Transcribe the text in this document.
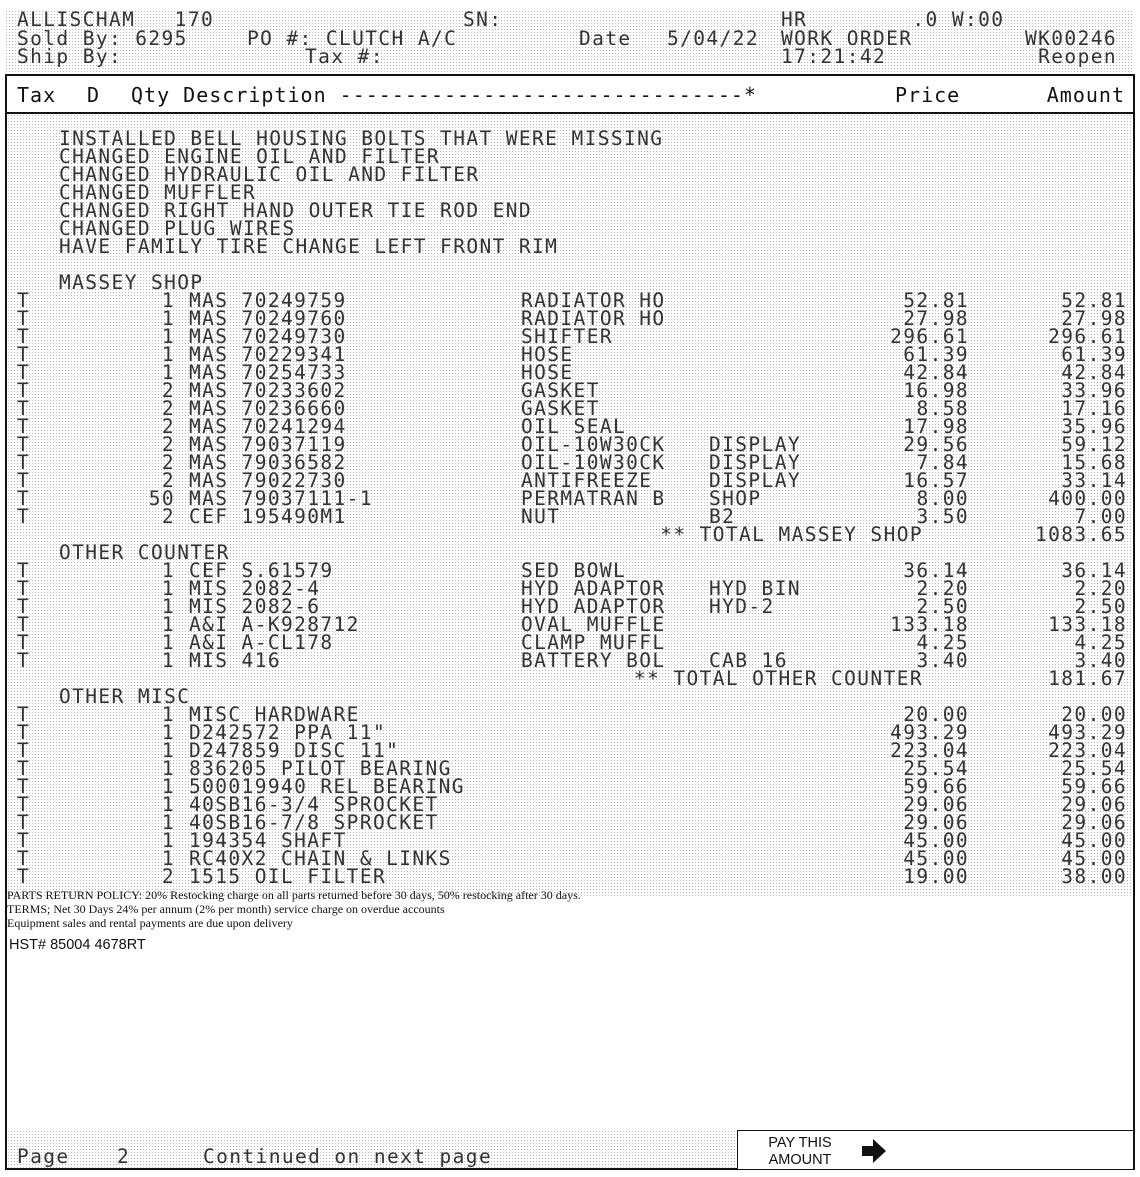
ALLISCHAM   170	SN:	HR        .0 W:00
Sold By: 6295	PO #: CLUTCH A/C	Date 5/04/22 WORK ORDER	WK00246
Ship By:	Tax #:	17:21:42	Reopen
Tax D Qty Description -------------------------------*	Price	Amount
INSTALLED BELL HOUSING BOLTS THAT WERE MISSING
CHANGED ENGINE OIL AND FILTER
CHANGED HYDRAULIC OIL AND FILTER
CHANGED MUFFLER
CHANGED RIGHT HAND OUTER TIE ROD END
CHANGED PLUG WIRES
HAVE FAMILY TIRE CHANGE LEFT FRONT RIM
MASSEY SHOP
T	1 MAS 70249759	RADIATOR HO	52.81	52.81
T	1 MAS 70249760	RADIATOR HO	27.98	27.98
T	1 MAS 70249730	SHIFTER	296.61	296.61
T	1 MAS 70229341	HOSE	61.39	61.39
T	1 MAS 70254733	HOSE	42.84	42.84
T	2 MAS 70233602	GASKET	16.98	33.96
T	2 MAS 70236660	GASKET	8.58	17.16
T	2 MAS 70241294	OIL SEAL	17.98	35.96
T	2 MAS 79037119	OIL-10W30CK DISPLAY	29.56	59.12
T	2 MAS 79036582	OIL-10W30CK DISPLAY	7.84	15.68
T	2 MAS 79022730	ANTIFREEZE	DISPLAY	16.57	33.14
T	50 MAS 79037111-1	PERMATRAN B SHOP	8.00	400.00
T	2 CEF 195490M1	NUT	B2	3.50	7.00
** TOTAL MASSEY SHOP	1083.65
OTHER COUNTER
T	1 CEF S.61579	SED BOWL	36.14	36.14
T	1 MIS 2082-4	HYD ADAPTOR HYD BIN	2.20	2.20
T	1 MIS 2082-6	HYD ADAPTOR HYD-2	2.50	2.50
T	1 A&I A-K928712	OVAL MUFFLE	133.18	133.18
T	1 A&I A-CL178	CLAMP MUFFL	4.25	4.25
T	1 MIS 416	BATTERY BOL CAB 16	3.40	3.40
** TOTAL OTHER COUNTER	181.67
OTHER MISC
T	1 MISC HARDWARE	20.00	20.00
T	1 D242572 PPA 11"	493.29	493.29
T	1 D247859 DISC 11"	223.04	223.04
T	1 836205 PILOT BEARING	25.54	25.54
T	1 500019940 REL BEARING	59.66	59.66
T	1 40SB16-3/4 SPROCKET	29.06	29.06
T	1 40SB16-7/8 SPROCKET	29.06	29.06
T	1 194354 SHAFT	45.00	45.00
T	1 RC40X2 CHAIN & LINKS	45.00	45.00
T	2 1515 OIL FILTER	19.00	38.00
PARTS RETURN POLICY: 20% Restocking charge on all parts returned before 30 days, 50% restocking after 30 days.
TERMS; Net 30 Days 24% per annum (2% per month) service charge on overdue accounts
Equipment sales and rental payments are due upon delivery
HST# 85004 4678RT
Page 2	Continued on next page
PAY THIS
AMOUNT
